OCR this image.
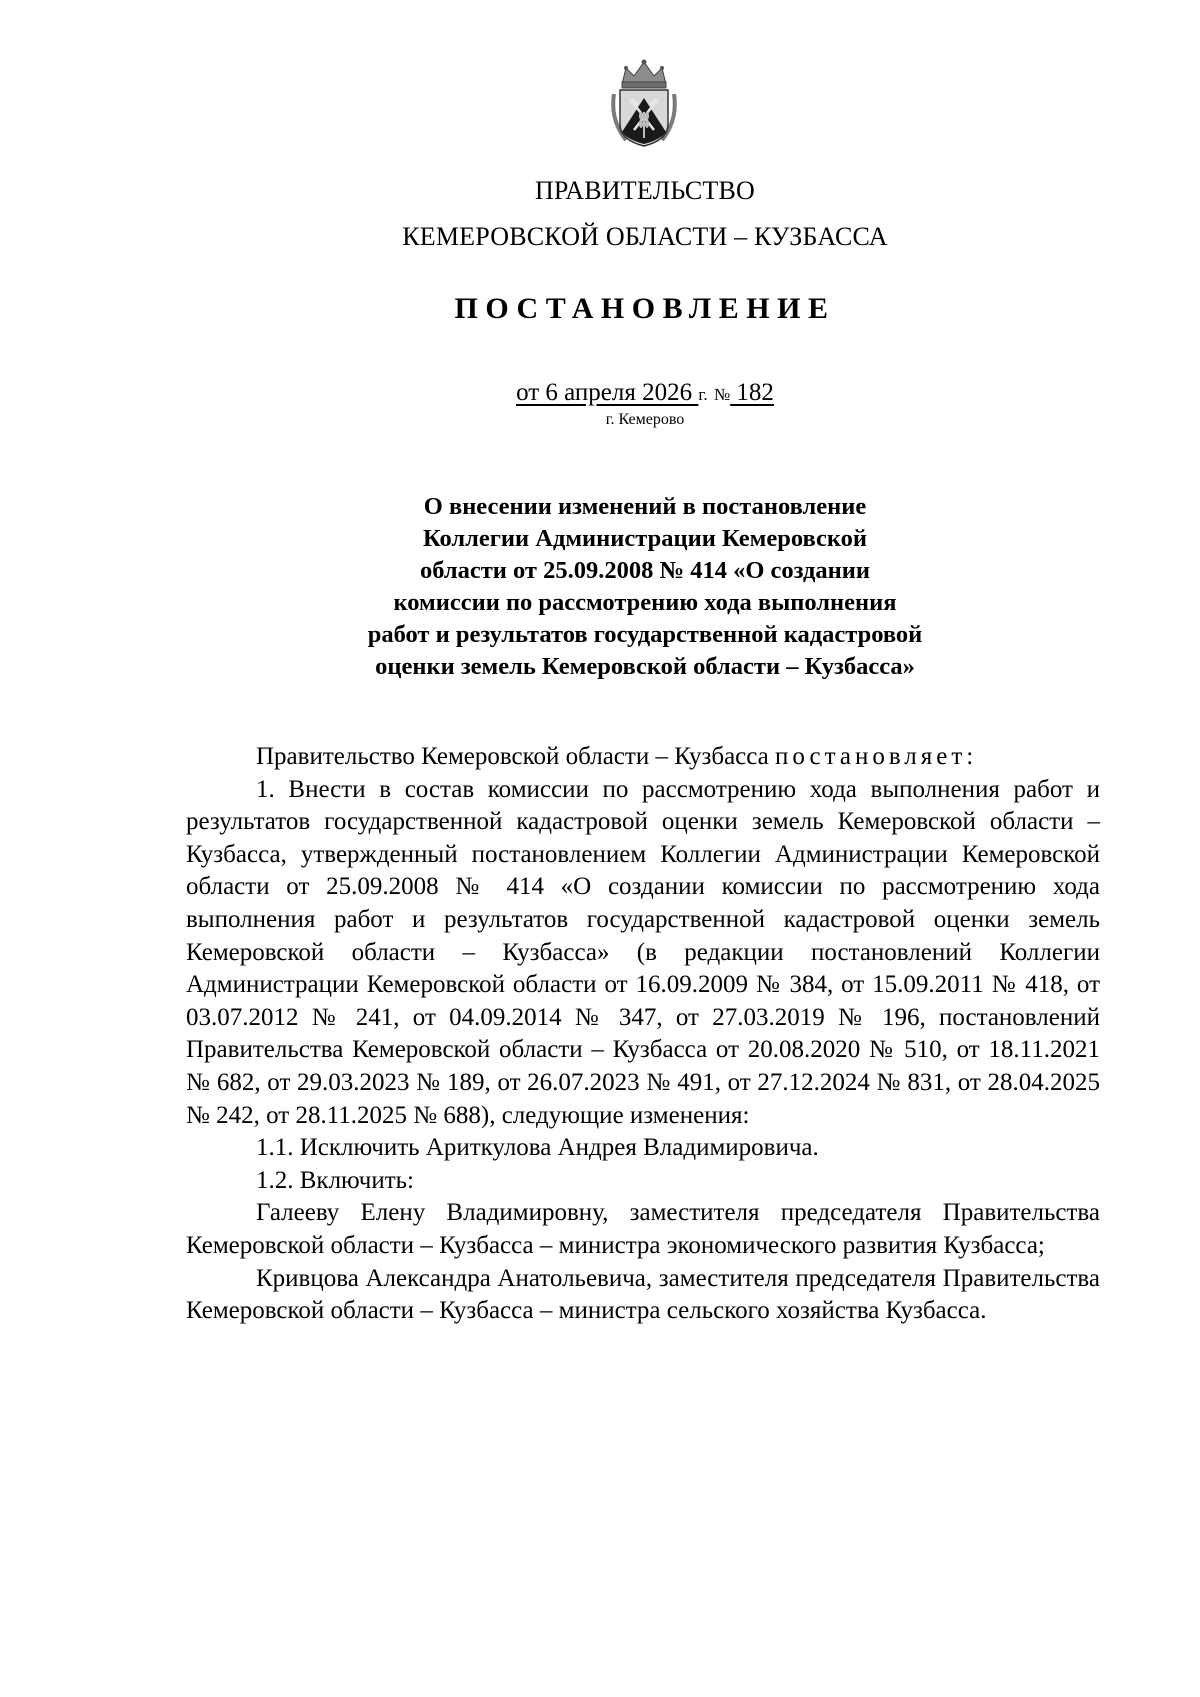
ПРАВИТЕЛЬСТВО
КЕМЕРОВСКОЙ ОБЛАСТИ – КУЗБАССА
ПОСТАНОВЛЕНИЕ
от 6 апреля 2026 г. № 182
г. Кемерово
О внесении изменений в постановление
Коллегии Администрации Кемеровской
области от 25.09.2008 № 414 «О создании
комиссии по рассмотрению хода выполнения
работ и результатов государственной кадастровой
оценки земель Кемеровской области – Кузбасса»

Правительство Кемеровской области – Кузбасса постановляет:

1. Внести в состав комиссии по рассмотрению хода выполнения работ и результатов государственной кадастровой оценки земель Кемеровской области – Кузбасса, утвержденный постановлением Коллегии Администрации Кемеровской области от 25.09.2008 № 414 «О создании комиссии по рассмотрению хода выполнения работ и результатов государственной кадастровой оценки земель Кемеровской области – Кузбасса» (в редакции постановлений Коллегии Администрации Кемеровской области от 16.09.2009 № 384, от 15.09.2011 № 418, от 03.07.2012 № 241, от 04.09.2014 № 347, от 27.03.2019 № 196, постановлений Правительства Кемеровской области – Кузбасса от 20.08.2020 № 510, от 18.11.2021 № 682, от 29.03.2023 № 189, от 26.07.2023 № 491, от 27.12.2024 № 831, от 28.04.2025 № 242, от 28.11.2025 № 688), следующие изменения:

1.1. Исключить Ариткулова Андрея Владимировича.

1.2. Включить:

Галееву Елену Владимировну, заместителя председателя Правительства Кемеровской области – Кузбасса – министра экономического развития Кузбасса;

Кривцова Александра Анатольевича, заместителя председателя Правительства Кемеровской области – Кузбасса – министра сельского хозяйства Кузбасса.
